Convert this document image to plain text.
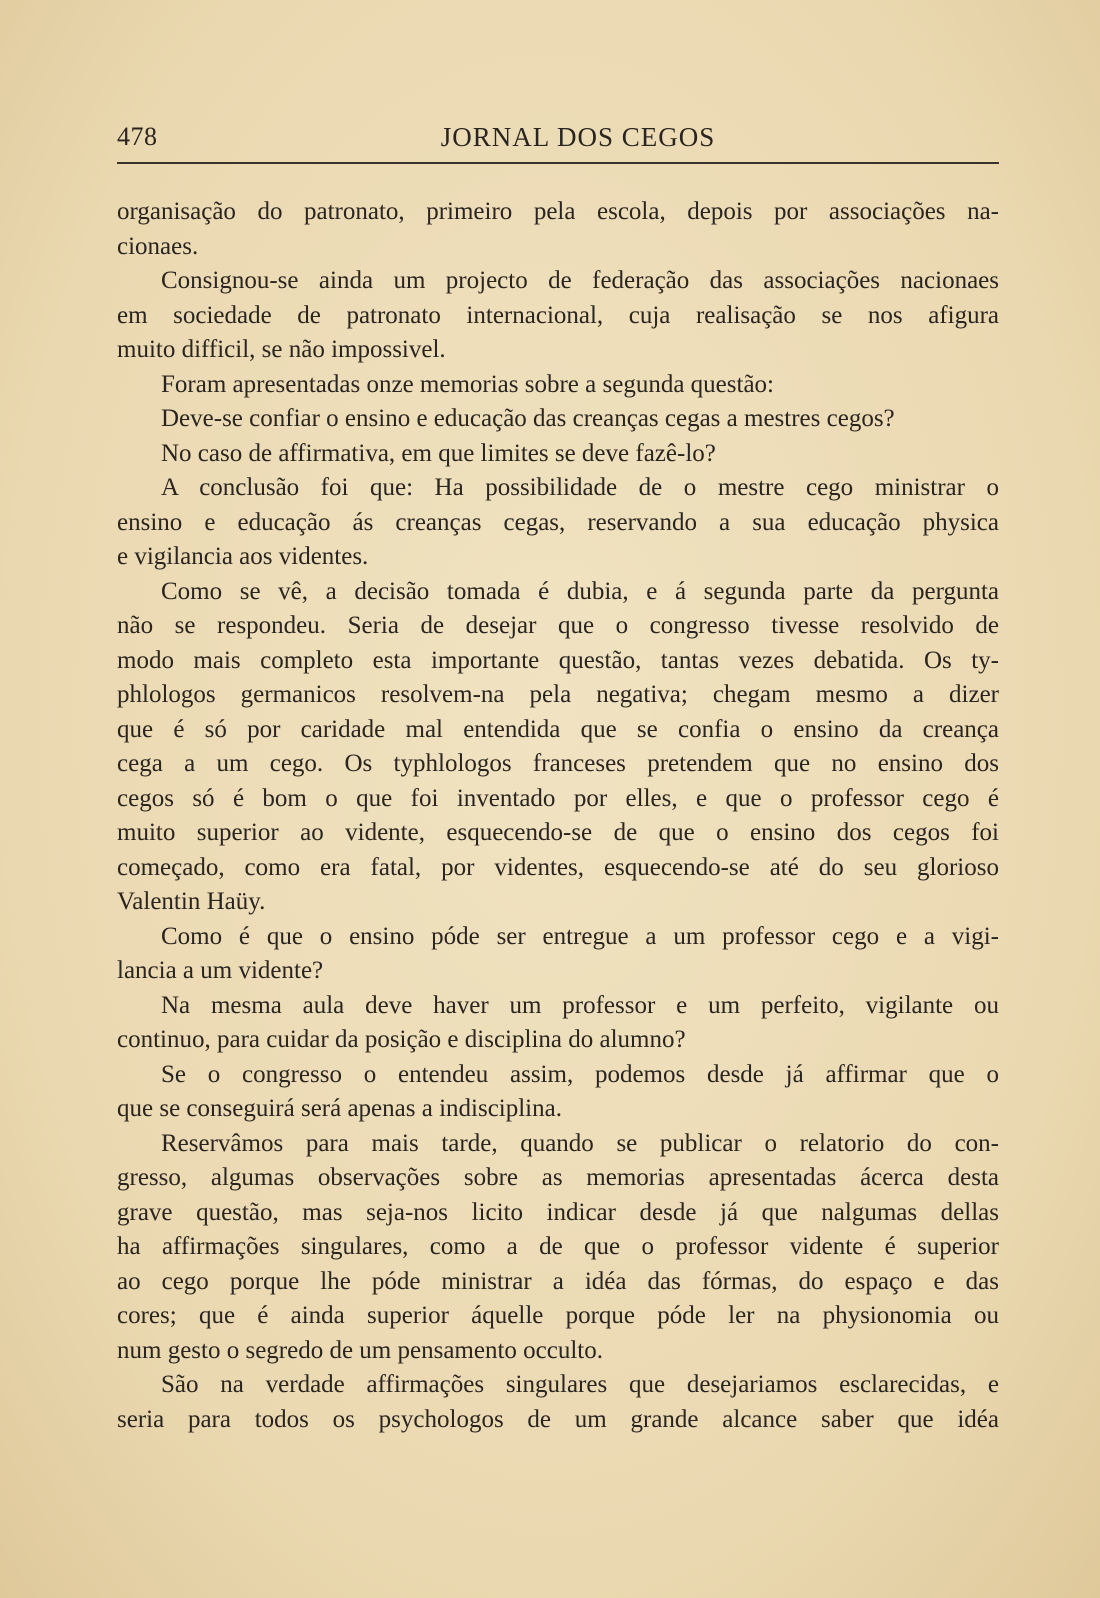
478	JORNAL DOS CEGOS
organisação do patronato, primeiro pela escola, depois por associações na-
cionaes.
Consignou-se ainda um projecto de federação das associações nacionaes
em sociedade de patronato internacional, cuja realisação se nos afigura
muito difficil, se não impossivel.
Foram apresentadas onze memorias sobre a segunda questão:
Deve-se confiar o ensino e educação das creanças cegas a mestres cegos?
No caso de affirmativa, em que limites se deve fazê-lo?
A conclusão foi que: Ha possibilidade de o mestre cego ministrar o
ensino e educação ás creanças cegas, reservando a sua educação physica
e vigilancia aos videntes.
Como se vê, a decisão tomada é dubia, e á segunda parte da pergunta
não se respondeu. Seria de desejar que o congresso tivesse resolvido de
modo mais completo esta importante questão, tantas vezes debatida. Os ty-
phlologos germanicos resolvem-na pela negativa; chegam mesmo a dizer
que é só por caridade mal entendida que se confia o ensino da creança
cega a um cego. Os typhlologos franceses pretendem que no ensino dos
cegos só é bom o que foi inventado por elles, e que o professor cego é
muito superior ao vidente, esquecendo-se de que o ensino dos cegos foi
começado, como era fatal, por videntes, esquecendo-se até do seu glorioso
Valentin Haüy.
Como é que o ensino póde ser entregue a um professor cego e a vigi-
lancia a um vidente?
Na mesma aula deve haver um professor e um perfeito, vigilante ou
continuo, para cuidar da posição e disciplina do alumno?
Se o congresso o entendeu assim, podemos desde já affirmar que o
que se conseguirá será apenas a indisciplina.
Reservâmos para mais tarde, quando se publicar o relatorio do con-
gresso, algumas observações sobre as memorias apresentadas ácerca desta
grave questão, mas seja-nos licito indicar desde já que nalgumas dellas
ha affirmações singulares, como a de que o professor vidente é superior
ao cego porque lhe póde ministrar a idéa das fórmas, do espaço e das
cores; que é ainda superior áquelle porque póde ler na physionomia ou
num gesto o segredo de um pensamento occulto.
São na verdade affirmações singulares que desejariamos esclarecidas, e
seria para todos os psychologos de um grande alcance saber que idéa
